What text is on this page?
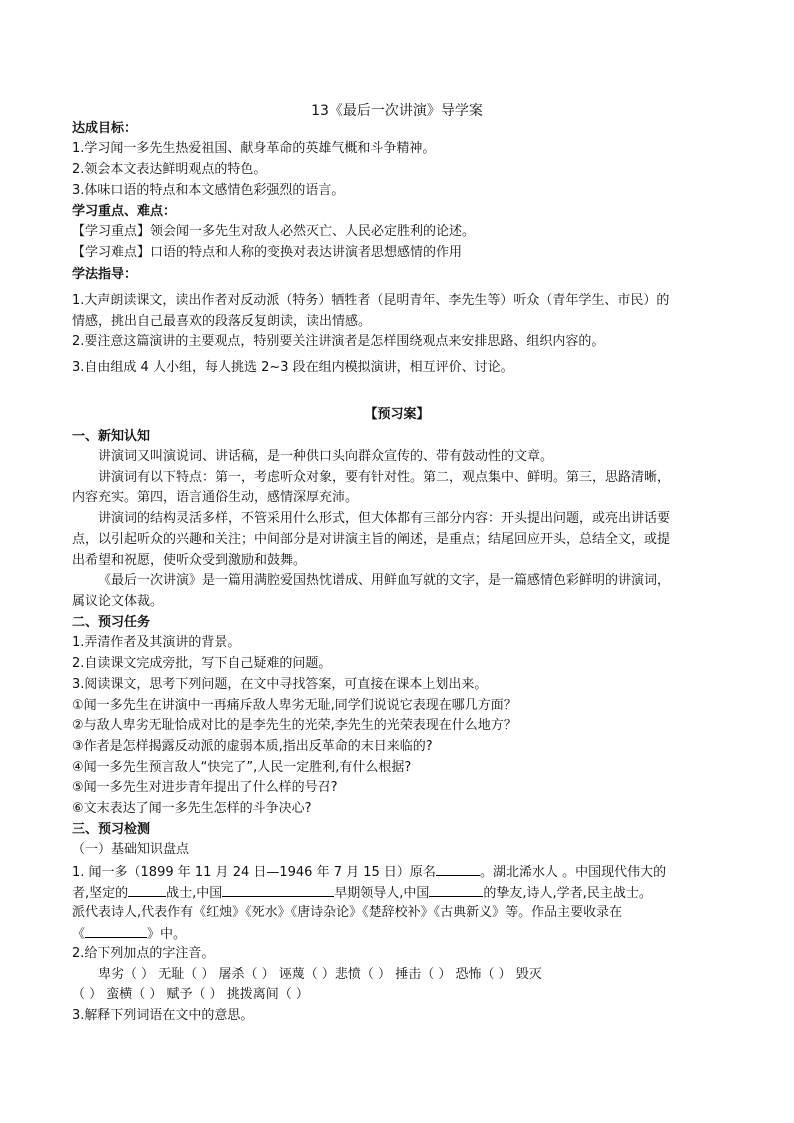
13《最后一次讲演》导学案
达成目标：
1.学习闻一多先生热爱祖国、献身革命的英雄气概和斗争精神。
2.领会本文表达鲜明观点的特色。
3.体味口语的特点和本文感情色彩强烈的语言。
学习重点、难点：
【学习重点】领会闻一多先生对敌人必然灭亡、人民必定胜利的论述。
【学习难点】口语的特点和人称的变换对表达讲演者思想感情的作用
学法指导：
1.大声朗读课文，读出作者对反动派（特务）牺牲者（昆明青年、李先生等）听众（青年学生、市民）的
情感，挑出自己最喜欢的段落反复朗读，读出情感。
2.要注意这篇演讲的主要观点，特别要关注讲演者是怎样围绕观点来安排思路、组织内容的。
3.自由组成 4 人小组，每人挑选 2~3 段在组内模拟演讲，相互评价、讨论。
【预习案】
一、新知认知
讲演词又叫演说词、讲话稿，是一种供口头向群众宣传的、带有鼓动性的文章。
讲演词有以下特点：第一，考虑听众对象，要有针对性。第二，观点集中、鲜明。第三，思路清晰，
内容充实。第四，语言通俗生动，感情深厚充沛。
讲演词的结构灵活多样，不管采用什么形式，但大体都有三部分内容：开头提出问题，或亮出讲话要
点，以引起听众的兴趣和关注；中间部分是对讲演主旨的阐述，是重点；结尾回应开头，总结全文，或提
出希望和祝愿，使听众受到激励和鼓舞。
《最后一次讲演》是一篇用满腔爱国热忱谱成、用鲜血写就的文字，是一篇感情色彩鲜明的讲演词，
属议论文体裁。
二、预习任务
1.弄清作者及其演讲的背景。
2.自读课文完成旁批，写下自己疑难的问题。
3.阅读课文，思考下列问题，在文中寻找答案，可直接在课本上划出来。
①闻一多先生在讲演中一再痛斥敌人卑劣无耻,同学们说说它表现在哪几方面？
②与敌人卑劣无耻恰成对比的是李先生的光荣,李先生的光荣表现在什么地方？
③作者是怎样揭露反动派的虚弱本质,指出反革命的末日来临的?
④闻一多先生预言敌人“快完了”,人民一定胜利,有什么根据?
⑤闻一多先生对进步青年提出了什么样的号召?
⑥文末表达了闻一多先生怎样的斗争决心?
三、预习检测
（一）基础知识盘点
1. 闻一多（1899 年 11 月 24 日—1946 年 7 月 15 日）原名	。湖北浠水人 。中国现代伟大的
者,坚定的	战士,中国	早期领导人,中国	的挚友,诗人,学者,民主战士。
派代表诗人,代表作有《红烛》《死水》《唐诗杂论》《楚辞校补》《古典新义》等。作品主要收录在
《	》中。
2.给下列加点的字注音。
卑劣（ ） 无耻（ ） 屠杀（ ） 诬蔑（ ）悲愤（ ） 捶击（ ） 恐怖（ ） 毁灭
（ ） 蛮横（ ） 赋予（ ） 挑拨离间（ ）
3.解释下列词语在文中的意思。
